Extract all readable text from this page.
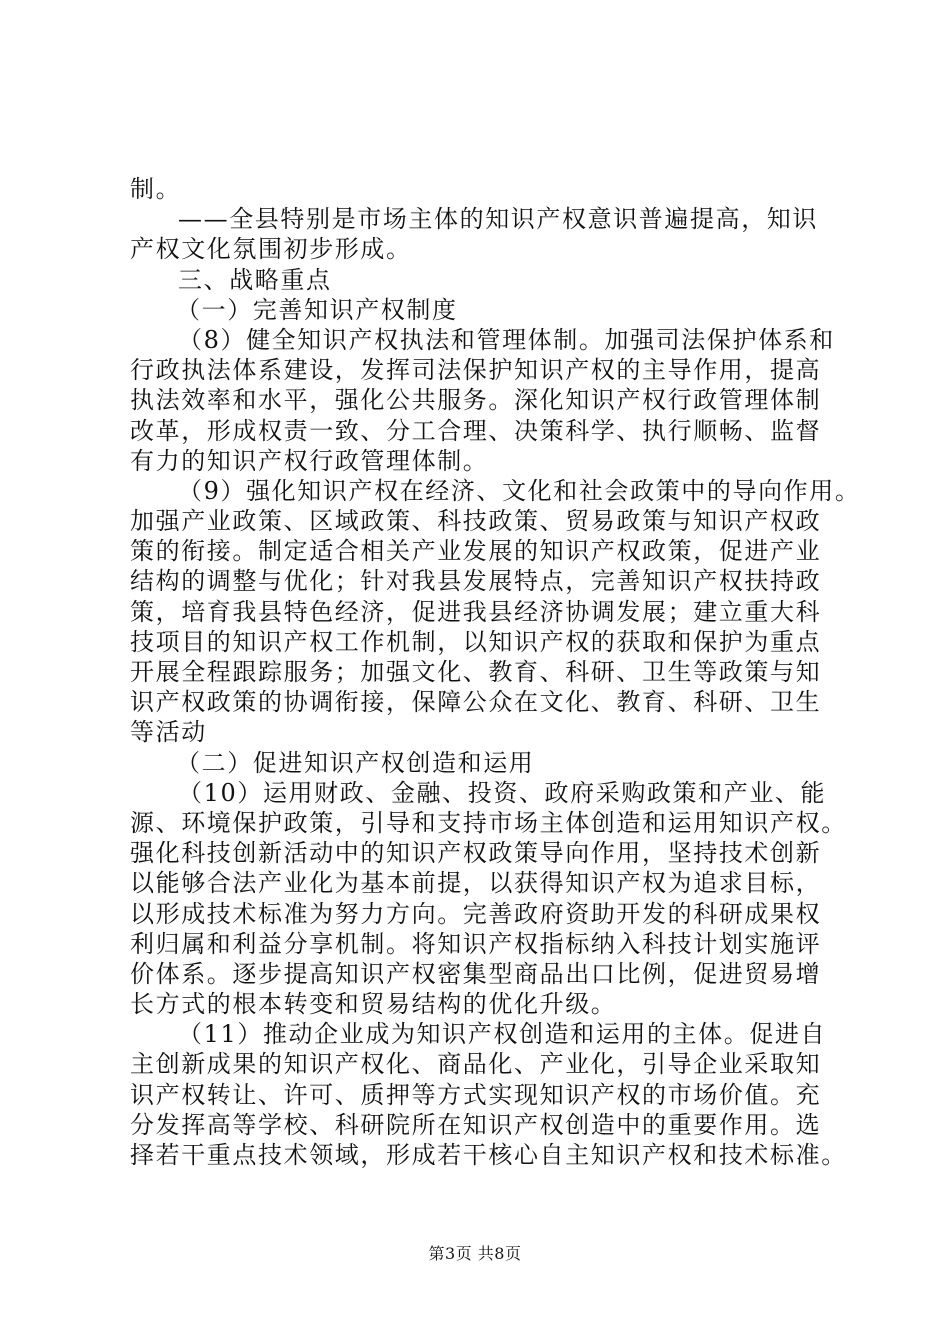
制。
——全县特别是市场主体的知识产权意识普遍提高，知识
产权文化氛围初步形成。
三、战略重点
（一）完善知识产权制度
（8）健全知识产权执法和管理体制。加强司法保护体系和
行政执法体系建设，发挥司法保护知识产权的主导作用，提高
执法效率和水平，强化公共服务。深化知识产权行政管理体制
改革，形成权责一致、分工合理、决策科学、执行顺畅、监督
有力的知识产权行政管理体制。
（9）强化知识产权在经济、文化和社会政策中的导向作用。
加强产业政策、区域政策、科技政策、贸易政策与知识产权政
策的衔接。制定适合相关产业发展的知识产权政策，促进产业
结构的调整与优化；针对我县发展特点，完善知识产权扶持政
策，培育我县特色经济，促进我县经济协调发展；建立重大科
技项目的知识产权工作机制，以知识产权的获取和保护为重点
开展全程跟踪服务；加强文化、教育、科研、卫生等政策与知
识产权政策的协调衔接，保障公众在文化、教育、科研、卫生
等活动
（二）促进知识产权创造和运用
（10）运用财政、金融、投资、政府采购政策和产业、能
源、环境保护政策，引导和支持市场主体创造和运用知识产权。
强化科技创新活动中的知识产权政策导向作用，坚持技术创新
以能够合法产业化为基本前提，以获得知识产权为追求目标，
以形成技术标准为努力方向。完善政府资助开发的科研成果权
利归属和利益分享机制。将知识产权指标纳入科技计划实施评
价体系。逐步提高知识产权密集型商品出口比例，促进贸易增
长方式的根本转变和贸易结构的优化升级。
（11）推动企业成为知识产权创造和运用的主体。促进自
主创新成果的知识产权化、商品化、产业化，引导企业采取知
识产权转让、许可、质押等方式实现知识产权的市场价值。充
分发挥高等学校、科研院所在知识产权创造中的重要作用。选
择若干重点技术领域，形成若干核心自主知识产权和技术标准。
第3页 共8页
